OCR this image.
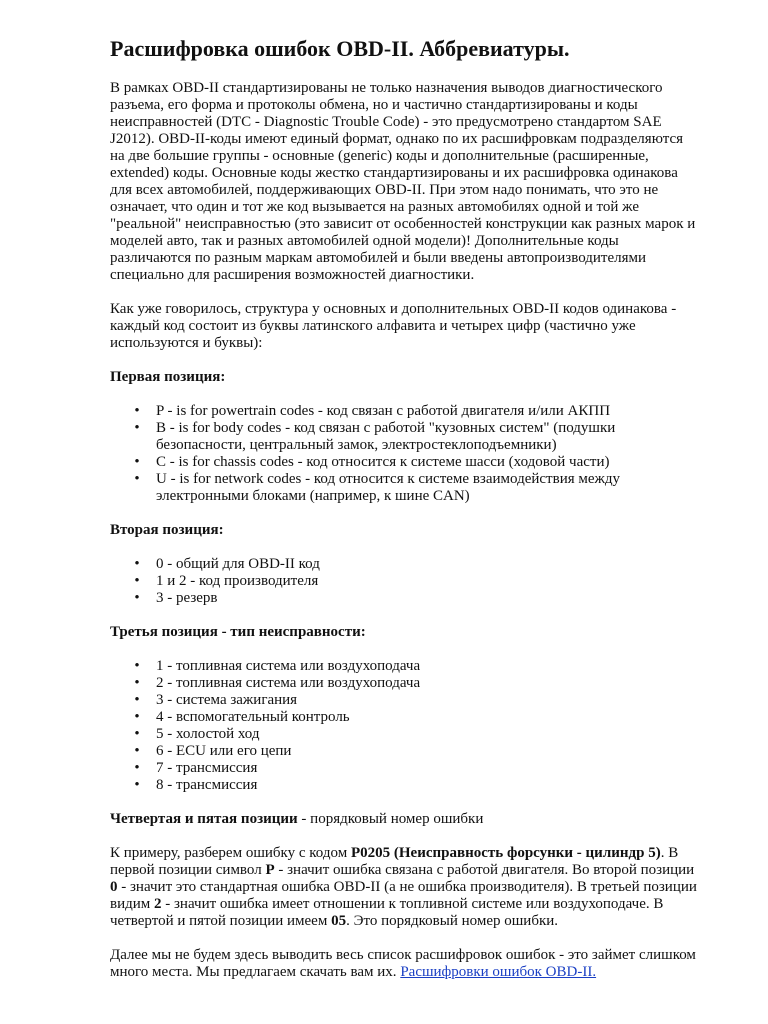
Расшифровка ошибок OBD-II. Аббревиатуры.

В рамках OBD-II стандартизированы не только назначения выводов диагностического разъема, его форма и протоколы обмена, но и частично стандартизированы и коды неисправностей (DTC - Diagnostic Trouble Code) - это предусмотрено стандартом SAE J2012). OBD-II-коды имеют единый формат, однако по их расшифровкам подразделяются на две большие группы - основные (generic) коды и дополнительные (расширенные, extended) коды. Основные коды жестко стандартизированы и их расшифровка одинакова для всех автомобилей, поддерживающих OBD-II. При этом надо понимать, что это не означает, что один и тот же код вызывается на разных автомобилях одной и той же "реальной" неисправностью (это зависит от особенностей конструкции как разных марок и моделей авто, так и разных автомобилей одной модели)! Дополнительные коды различаются по разным маркам автомобилей и были введены автопроизводителями специально для расширения возможностей диагностики.

Как уже говорилось, структура у основных и дополнительных OBD-II кодов одинакова - каждый код состоит из буквы латинского алфавита и четырех цифр (частично уже используются и буквы):

Первая позиция:
• P - is for powertrain codes - код связан с работой двигателя и/или АКПП
• B - is for body codes - код связан с работой "кузовных систем" (подушки безопасности, центральный замок, электростеклоподъемники)
• C - is for chassis codes - код относится к системе шасси (ходовой части)
• U - is for network codes - код относится к системе взаимодействия между электронными блоками (например, к шине CAN)
Вторая позиция:
• 0 - общий для OBD-II код
• 1 и 2 - код производителя
• 3 - резерв
Третья позиция - тип неисправности:
• 1 - топливная система или воздухоподача
• 2 - топливная система или воздухоподача
• 3 - система зажигания
• 4 - вспомогательный контроль
• 5 - холостой ход
• 6 - ECU или его цепи
• 7 - трансмиссия
• 8 - трансмиссия

Четвертая и пятая позиции - порядковый номер ошибки

К примеру, разберем ошибку с кодом P0205 (Неисправность форсунки - цилиндр 5). В первой позиции символ P - значит ошибка связана с работой двигателя. Во второй позиции 0 - значит это стандартная ошибка OBD-II (а не ошибка производителя). В третьей позиции видим 2 - значит ошибка имеет отношении к топливной системе или воздухоподаче. В четвертой и пятой позиции имеем 05. Это порядковый номер ошибки.

Далее мы не будем здесь выводить весь список расшифровок ошибок - это займет слишком много места. Мы предлагаем скачать вам их. Расшифровки ошибок OBD-II.
